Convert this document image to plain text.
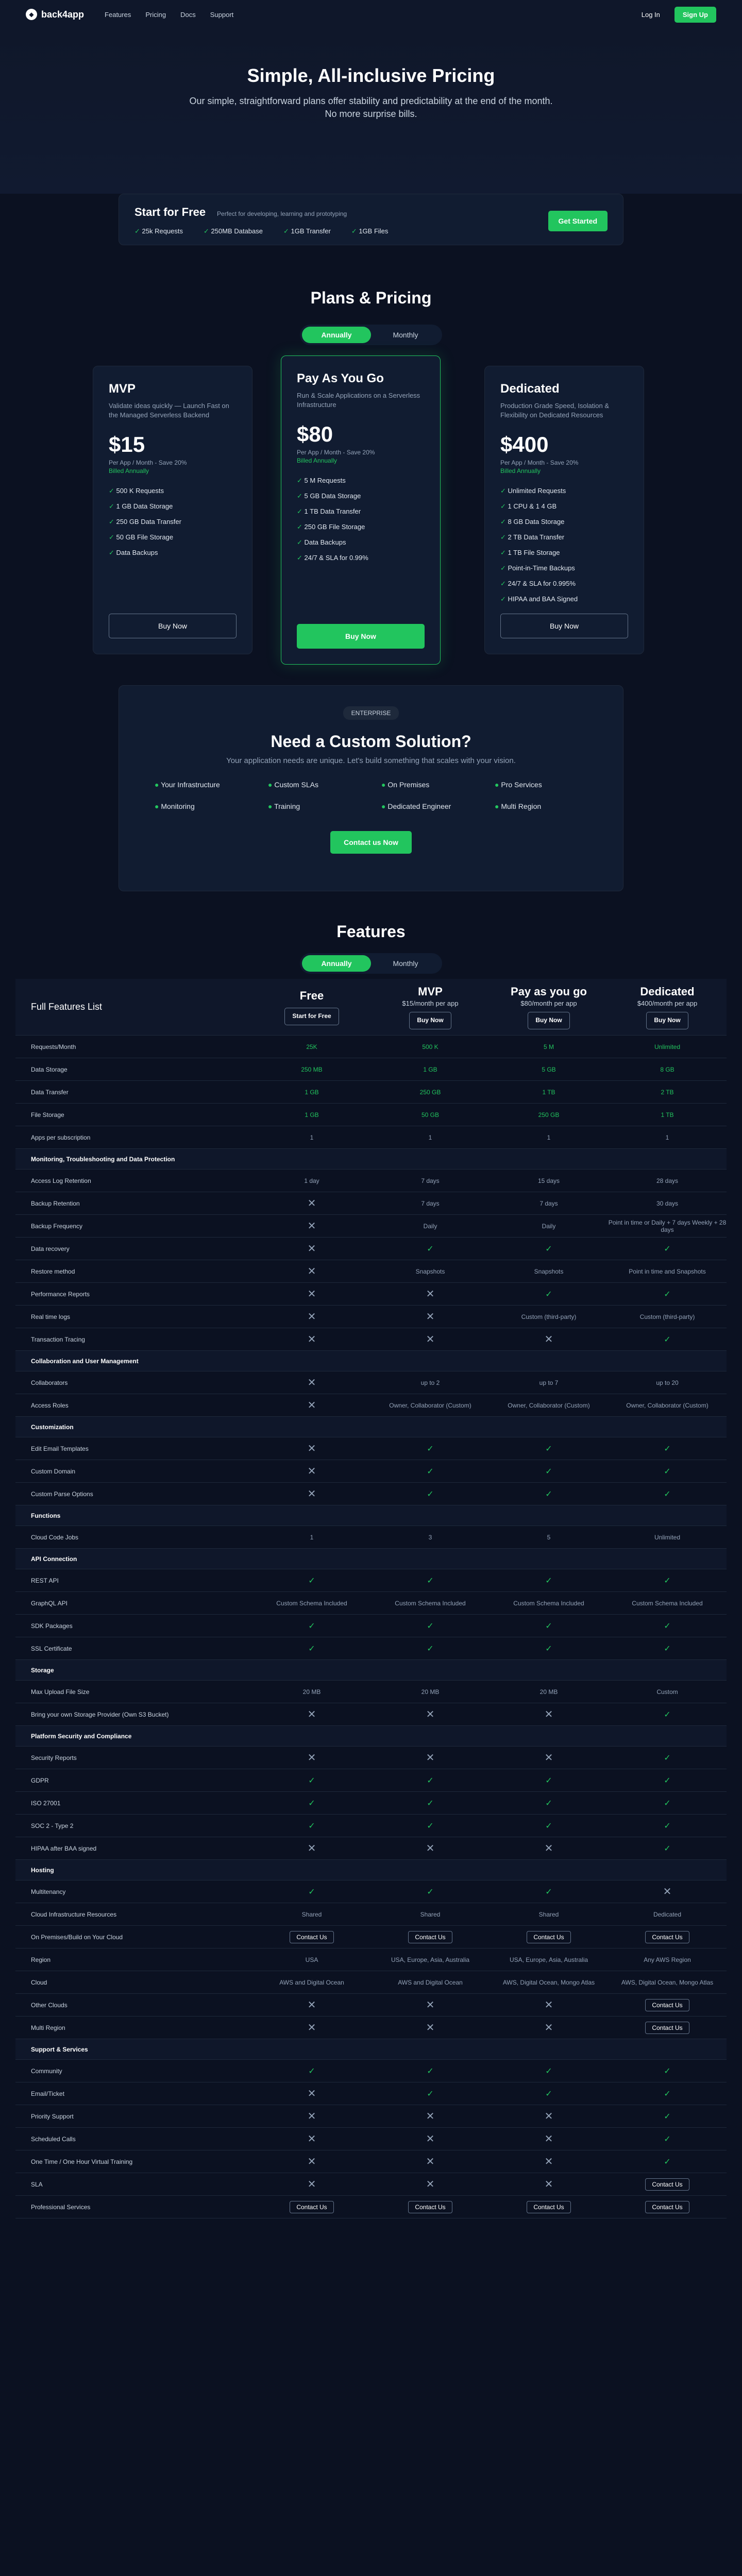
◆ back4app	Features Pricing Docs Support	Log In	Sign Up
Simple, All-inclusive Pricing

Our simple, straightforward plans offer stability and predictability at the end of the month. No more surprise bills.

Start for Free Perfect for developing, learning and prototyping
✓ 25k Requests	✓ 250MB Database	✓ 1GB Transfer	✓ 1GB Files
Get Started
Plans & Pricing
Annually	Monthly
MVP
Validate ideas quickly — Launch Fast on the Managed Serverless Backend
$15
Per App / Month - Save 20%
Billed Annually
✓ 500 K Requests
✓ 1 GB Data Storage
✓ 250 GB Data Transfer
✓ 50 GB File Storage
✓ Data Backups
Buy Now
Pay As You Go
Run & Scale Applications on a Serverless Infrastructure
$80
Per App / Month - Save 20%
Billed Annually
✓ 5 M Requests
✓ 5 GB Data Storage
✓ 1 TB Data Transfer
✓ 250 GB File Storage
✓ Data Backups
✓ 24/7 & SLA for 0.99%
Buy Now
Dedicated
Production Grade Speed, Isolation & Flexibility on Dedicated Resources
$400
Per App / Month - Save 20%
Billed Annually
✓ Unlimited Requests
✓ 1 CPU & 1 4 GB
✓ 8 GB Data Storage
✓ 2 TB Data Transfer
✓ 1 TB File Storage
✓ Point-in-Time Backups
✓ 24/7 & SLA for 0.995%
✓ HIPAA and BAA Signed
Buy Now
ENTERPRISE
Need a Custom Solution?

Your application needs are unique. Let's build something that scales with your vision.

● Your Infrastructure	● Custom SLAs	● On Premises	● Pro Services
● Monitoring	● Training	● Dedicated Engineer	● Multi Region
Contact us Now
Features
Annually	Monthly
Full Features List
Free
Start for Free
MVP
$15/month per app
Buy Now
Pay as you go
$80/month per app
Buy Now
Dedicated
$400/month per app
Buy Now
Requests/Month	25K	500 K	5 M	Unlimited
Data Storage	250 MB	1 GB	5 GB	8 GB
Data Transfer	1 GB	250 GB	1 TB	2 TB
File Storage	1 GB	50 GB	250 GB	1 TB
Apps per subscription	1	1	1	1
Monitoring, Troubleshooting and Data Protection
Access Log Retention	1 day	7 days	15 days	28 days
Backup Retention	✕	7 days	7 days	30 days
Backup Frequency	✕	Daily	Daily	Point in time or Daily + 7 days Weekly + 28 days
Data recovery	✕	✓	✓	✓
Restore method	✕	Snapshots	Snapshots	Point in time and Snapshots
Performance Reports	✕	✕	✓	✓
Real time logs	✕	✕	Custom (third-party)	Custom (third-party)
Transaction Tracing	✕	✕	✕	✓
Collaboration and User Management
Collaborators	✕	up to 2	up to 7	up to 20
Access Roles	✕	Owner, Collaborator (Custom)	Owner, Collaborator (Custom)	Owner, Collaborator (Custom)
Customization
Edit Email Templates	✕	✓	✓	✓
Custom Domain	✕	✓	✓	✓
Custom Parse Options	✕	✓	✓	✓
Functions
Cloud Code Jobs	1	3	5	Unlimited
API Connection
REST API	✓	✓	✓	✓
GraphQL API	Custom Schema Included	Custom Schema Included	Custom Schema Included	Custom Schema Included
SDK Packages	✓	✓	✓	✓
SSL Certificate	✓	✓	✓	✓
Storage
Max Upload File Size	20 MB	20 MB	20 MB	Custom
Bring your own Storage Provider (Own S3 Bucket)	✕	✕	✕	✓
Platform Security and Compliance
Security Reports	✕	✕	✕	✓
GDPR	✓	✓	✓	✓
ISO 27001	✓	✓	✓	✓
SOC 2 - Type 2	✓	✓	✓	✓
HIPAA after BAA signed	✕	✕	✕	✓
Hosting
Multitenancy	✓	✓	✓	✕
Cloud Infrastructure Resources	Shared	Shared	Shared	Dedicated
On Premises/Build on Your Cloud	Contact Us	Contact Us	Contact Us	Contact Us
Region	USA	USA, Europe, Asia, Australia	USA, Europe, Asia, Australia	Any AWS Region
Cloud	AWS and Digital Ocean	AWS and Digital Ocean	AWS, Digital Ocean, Mongo Atlas	AWS, Digital Ocean, Mongo Atlas
Other Clouds	✕	✕	✕	Contact Us
Multi Region	✕	✕	✕	Contact Us
Support & Services
Community	✓	✓	✓	✓
Email/Ticket	✕	✓	✓	✓
Priority Support	✕	✕	✕	✓
Scheduled Calls	✕	✕	✕	✓
One Time / One Hour Virtual Training	✕	✕	✕	✓
SLA	✕	✕	✕	Contact Us
Professional Services	Contact Us	Contact Us	Contact Us	Contact Us
